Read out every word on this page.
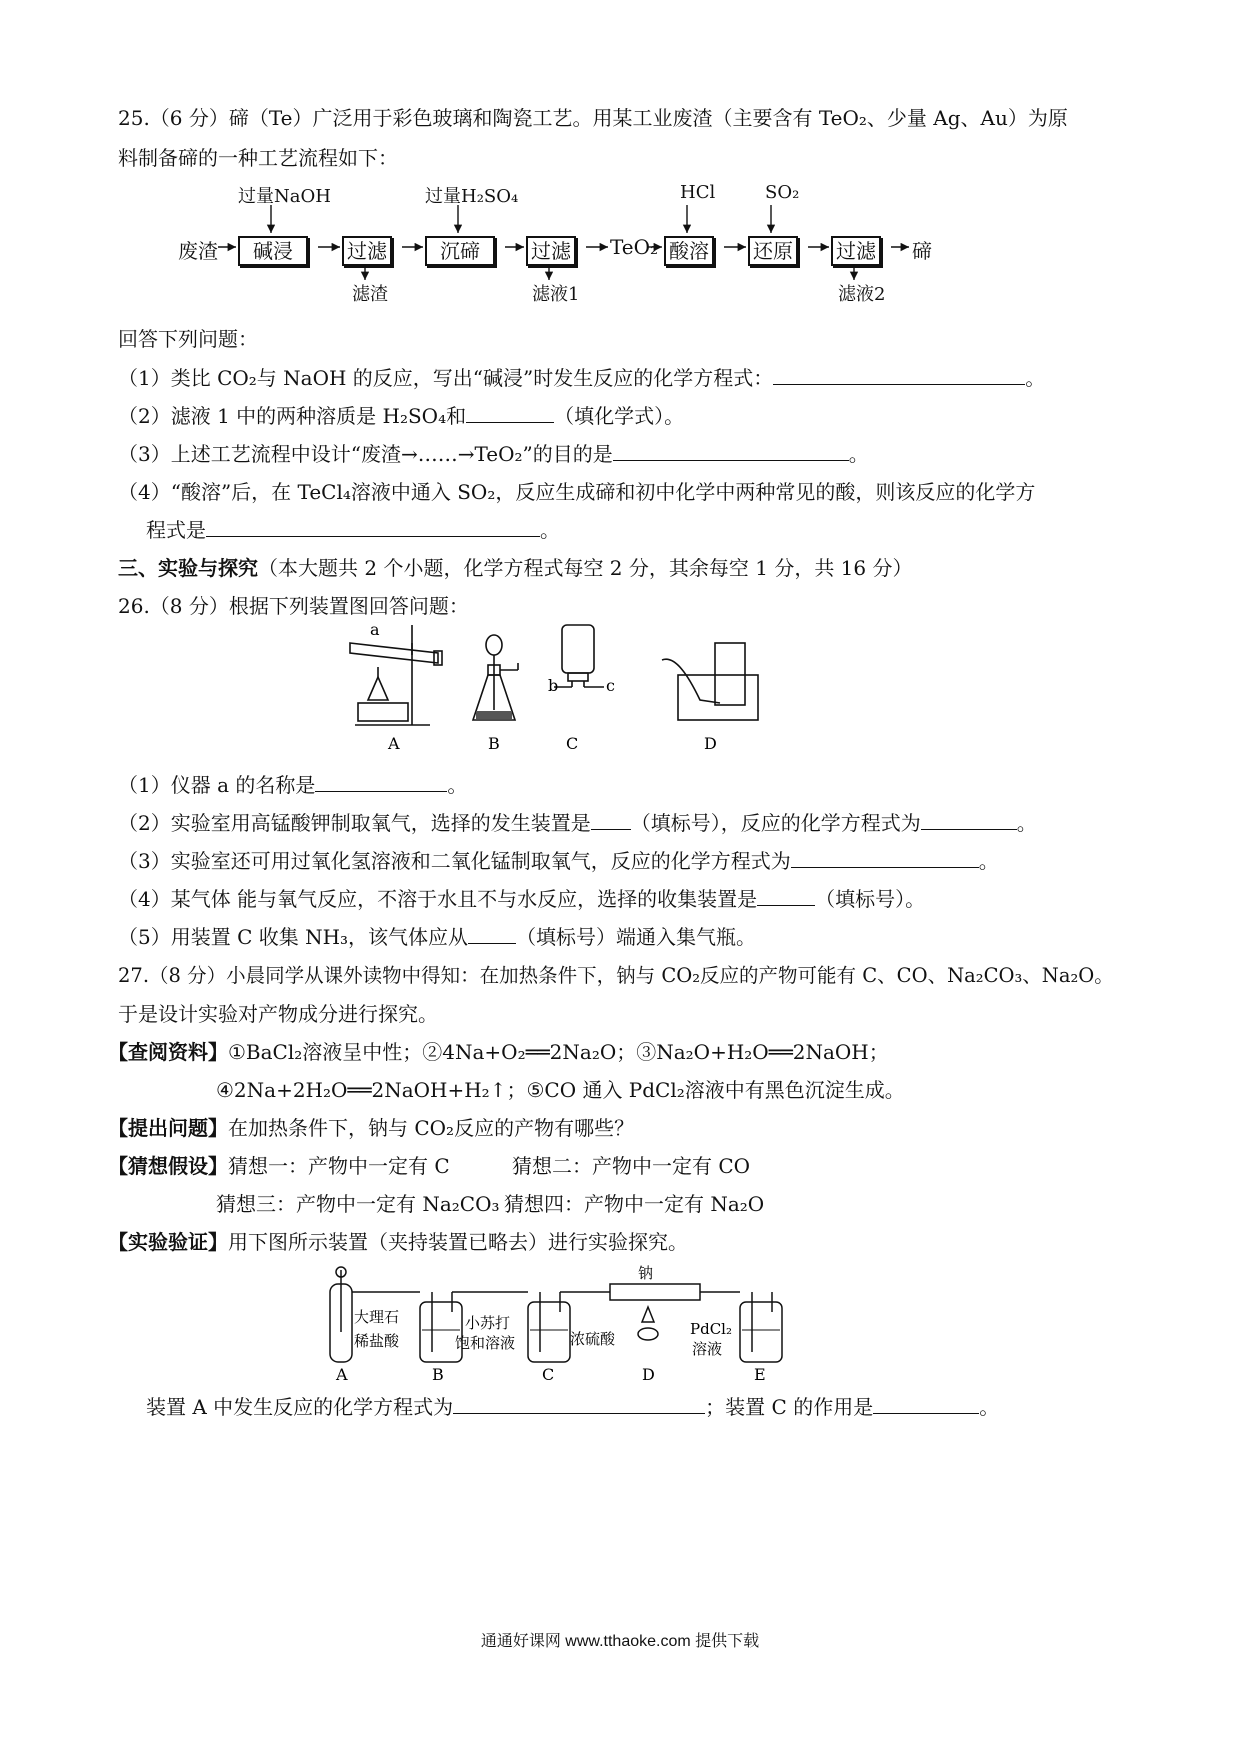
25.（6 分）碲（Te）广泛用于彩色玻璃和陶瓷工艺。用某工业废渣（主要含有 TeO₂、少量 Ag、Au）为原
料制备碲的一种工艺流程如下：
过量NaOH	过量H₂SO₄	HCl	SO₂
废渣	碱浸	过滤	沉碲	过滤 TeO₂ 酸溶 还原 过滤 碲
滤渣	滤液1	滤液2
回答下列问题：
（1）类比 CO₂与 NaOH 的反应，写出“碱浸”时发生反应的化学方程式：	。
（2）滤液 1 中的两种溶质是 H₂SO₄和	（填化学式）。
（3）上述工艺流程中设计“废渣→……→TeO₂”的目的是	。
（4）“酸溶”后，在 TeCl₄溶液中通入 SO₂，反应生成碲和初中化学中两种常见的酸，则该反应的化学方
程式是	。
三、实验与探究（本大题共 2 个小题，化学方程式每空 2 分，其余每空 1 分，共 16 分）
26.（8 分）根据下列装置图回答问题：
a
b	c
A	B	C	D
（1）仪器 a 的名称是	。
（2）实验室用高锰酸钾制取氧气，选择的发生装置是 （填标号），反应的化学方程式为	。
（3）实验室还可用过氧化氢溶液和二氧化锰制取氧气，反应的化学方程式为	。
（4）某气体 能与氧气反应，不溶于水且不与水反应，选择的收集装置是	（填标号）。
（5）用装置 C 收集 NH₃，该气体应从 （填标号）端通入集气瓶。
27.（8 分）小晨同学从课外读物中得知：在加热条件下，钠与 CO₂反应的产物可能有 C、CO、Na₂CO₃、Na₂O。
于是设计实验对产物成分进行探究。
【查阅资料】①BaCl₂溶液呈中性；②4Na+O₂══2Na₂O；③Na₂O+H₂O══2NaOH；
④2Na+2H₂O══2NaOH+H₂↑；⑤CO 通入 PdCl₂溶液中有黑色沉淀生成。
【提出问题】在加热条件下，钠与 CO₂反应的产物有哪些？
【猜想假设】猜想一：产物中一定有 C	猜想二：产物中一定有 CO
猜想三：产物中一定有 Na₂CO₃ 猜想四：产物中一定有 Na₂O
【实验验证】用下图所示装置（夹持装置已略去）进行实验探究。
大理石
稀盐酸
小苏打
饱和溶液	浓硫酸
钠
PdCl₂
溶液
A	B	C	D	E
装置 A 中发生反应的化学方程式为	；装置 C 的作用是	。
通通好课网 www.tthaoke.com 提供下载
